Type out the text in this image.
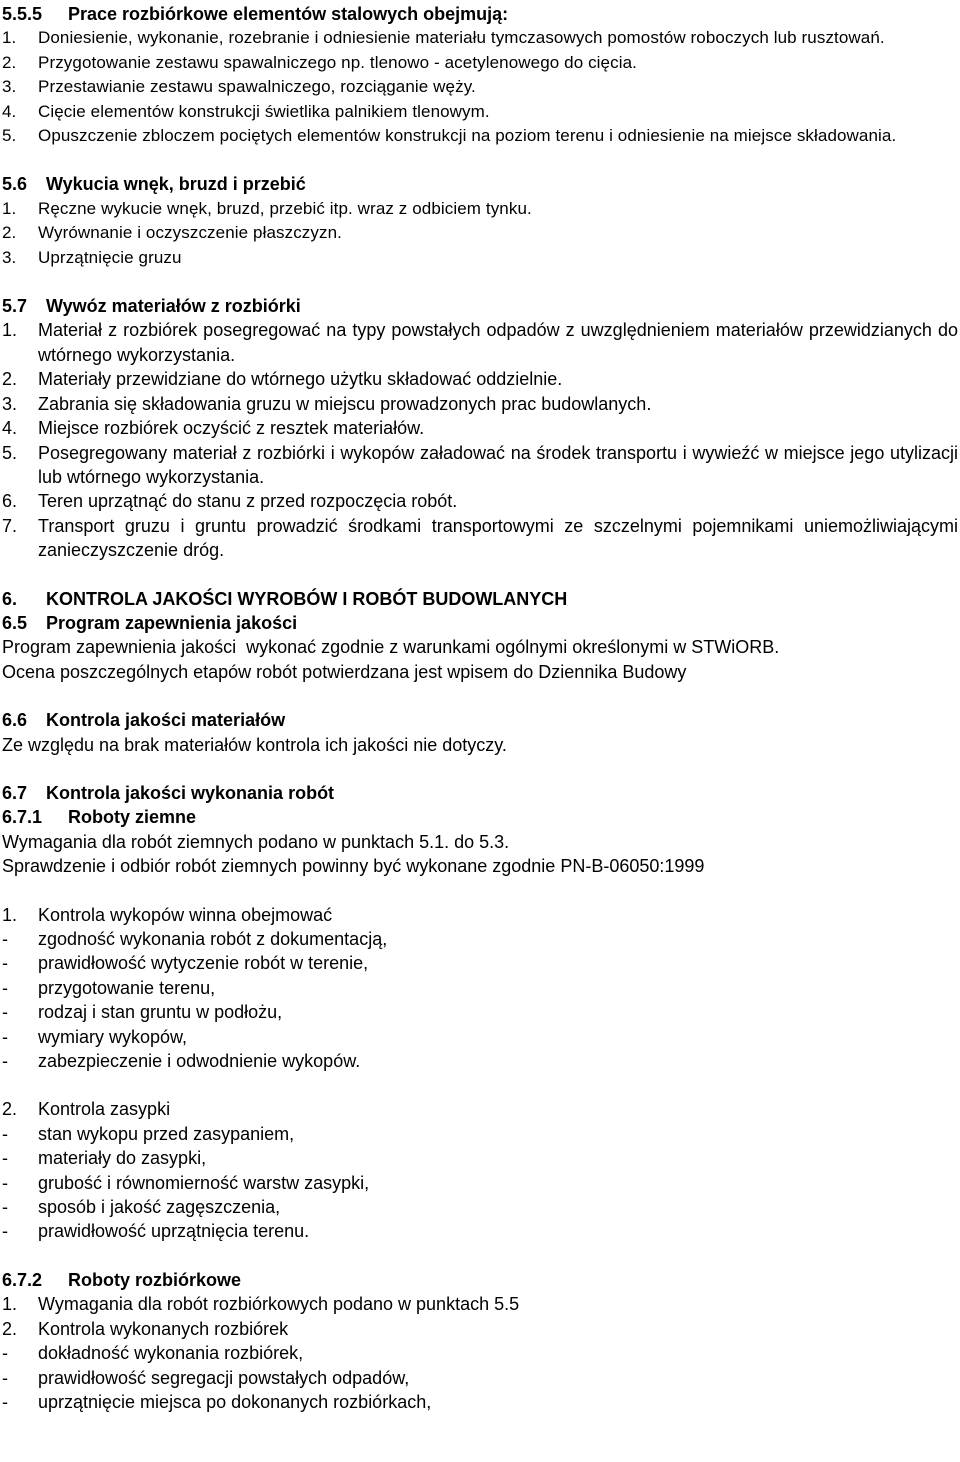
5.5.5 Prace rozbiórkowe elementów stalowych obejmują:
1.	Doniesienie, wykonanie, rozebranie i odniesienie materiału tymczasowych pomostów roboczych lub rusztowań.
2.	Przygotowanie zestawu spawalniczego np. tlenowo - acetylenowego do cięcia.
3.	Przestawianie zestawu spawalniczego, rozciąganie węży.
4.	Cięcie elementów konstrukcji świetlika palnikiem tlenowym.
5.	Opuszczenie zbloczem pociętych elementów konstrukcji na poziom terenu i odniesienie na miejsce składowania.
5.6 Wykucia wnęk, bruzd i przebić
1.	Ręczne wykucie wnęk, bruzd, przebić itp. wraz z odbiciem tynku.
2.	Wyrównanie i oczyszczenie płaszczyzn.
3.	Uprzątnięcie gruzu
5.7 Wywóz materiałów z rozbiórki
1.	Materiał z rozbiórek posegregować na typy powstałych odpadów z uwzględnieniem materiałów przewidzianych do wtórnego wykorzystania.
2.	Materiały przewidziane do wtórnego użytku składować oddzielnie.
3.	Zabrania się składowania gruzu w miejscu prowadzonych prac budowlanych.
4.	Miejsce rozbiórek oczyścić z resztek materiałów.
5.	Posegregowany materiał z rozbiórki i wykopów załadować na środek transportu i wywieźć w miejsce jego utylizacji lub wtórnego wykorzystania.
6.	Teren uprzątnąć do stanu z przed rozpoczęcia robót.
7.	Transport gruzu i gruntu prowadzić środkami transportowymi ze szczelnymi pojemnikami uniemożliwiającymi zanieczyszczenie dróg.
6. KONTROLA JAKOŚCI WYROBÓW I ROBÓT BUDOWLANYCH
6.5 Program zapewnienia jakości
Program zapewnienia jakości  wykonać zgodnie z warunkami ogólnymi określonymi w STWiORB.
Ocena poszczególnych etapów robót potwierdzana jest wpisem do Dziennika Budowy
6.6 Kontrola jakości materiałów
Ze względu na brak materiałów kontrola ich jakości nie dotyczy.
6.7 Kontrola jakości wykonania robót
6.7.1 Roboty ziemne
Wymagania dla robót ziemnych podano w punktach 5.1. do 5.3.
Sprawdzenie i odbiór robót ziemnych powinny być wykonane zgodnie PN-B-06050:1999
1.	Kontrola wykopów winna obejmować
-	zgodność wykonania robót z dokumentacją,
-	prawidłowość wytyczenie robót w terenie,
-	przygotowanie terenu,
-	rodzaj i stan gruntu w podłożu,
-	wymiary wykopów,
-	zabezpieczenie i odwodnienie wykopów.
2.	Kontrola zasypki
-	stan wykopu przed zasypaniem,
-	materiały do zasypki,
-	grubość i równomierność warstw zasypki,
-	sposób i jakość zagęszczenia,
-	prawidłowość uprzątnięcia terenu.
6.7.2 Roboty rozbiórkowe
1.	Wymagania dla robót rozbiórkowych podano w punktach 5.5
2.	Kontrola wykonanych rozbiórek
-	dokładność wykonania rozbiórek,
-	prawidłowość segregacji powstałych odpadów,
-	uprzątnięcie miejsca po dokonanych rozbiórkach,
